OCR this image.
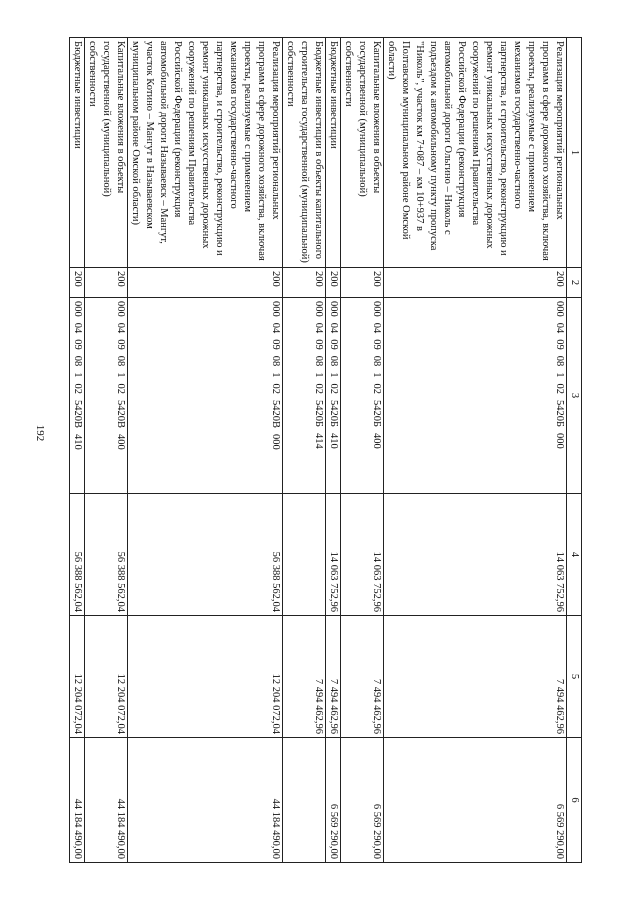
192
1	2	3	4	5	6
Реализация мероприятий региональных программ в сфере дорожного хозяйства, включая проекты, реализуемые с применением механизмов государственно-частного партнерства, и строительство, реконструкцию и ремонт уникальных искусственных дорожных сооружений по решениям Правительства Российской Федерации (реконструкция автомобильной дороги Ольгино – Николь с подъездом к автомобильному пункту пропуска "Николь", участок км 7+087 – км 10+937 в Полтавском муниципальном районе Омской области)	200	0000409081025420Б000	14 063 752,96	7 494 462,96	6 569 290,00
Капитальные вложения в объекты государственной (муниципальной) собственности	200	0000409081025420Б400	14 063 752,96	7 494 462,96	6 569 290,00
Бюджетные инвестиции	200	0000409081025420Б410	14 063 752,96	7 494 462,96	6 569 290,00
Бюджетные инвестиции в объекты капитального строительства государственной (муниципальной) собственности	200	0000409081025420Б414		7 494 462,96	
Реализация мероприятий региональных программ в сфере дорожного хозяйства, включая проекты, реализуемые с применением механизмов государственно-частного партнерства, и строительство, реконструкцию и ремонт уникальных искусственных дорожных сооружений по решениям Правительства Российской Федерации (реконструкция автомобильной дороги Называевск – Мангут, участок Котино – Мангут в Называевском муниципальном районе Омской области)	200	0000409081025420В000	56 388 562,04	12 204 072,04	44 184 490,00
Капитальные вложения в объекты государственной (муниципальной) собственности	200	0000409081025420В400	56 388 562,04	12 204 072,04	44 184 490,00
Бюджетные инвестиции	200	0000409081025420В410	56 388 562,04	12 204 072,04	44 184 490,00
